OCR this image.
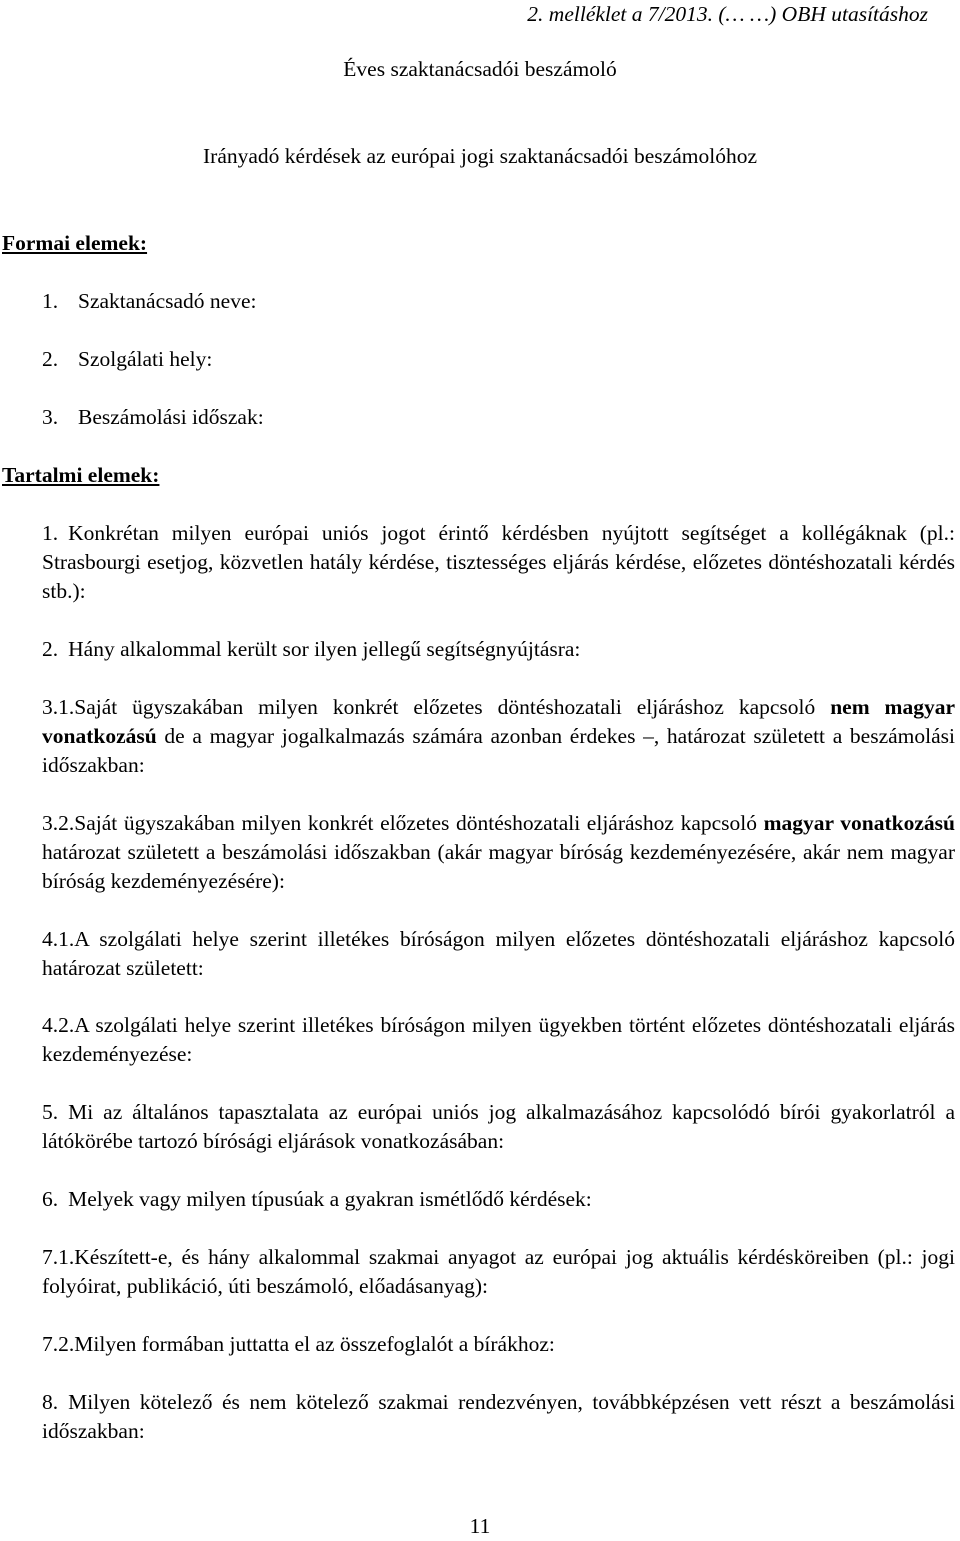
2. melléklet a 7/2013. (… …) OBH utasításhoz
Éves szaktanácsadói beszámoló
Irányadó kérdések az európai jogi szaktanácsadói beszámolóhoz
Formai elemek:
1. Szaktanácsadó neve:
2. Szolgálati hely:
3. Beszámolási időszak:
Tartalmi elemek:

1. Konkrétan milyen európai uniós jogot érintő kérdésben nyújtott segítséget a kollégáknak (pl.: Strasbourgi esetjog, közvetlen hatály kérdése, tisztességes eljárás kérdése, előzetes döntéshozatali kérdés stb.):

2. Hány alkalommal került sor ilyen jellegű segítségnyújtásra:

3.1.Saját ügyszakában milyen konkrét előzetes döntéshozatali eljáráshoz kapcsoló nem magyar vonatkozású de a magyar jogalkalmazás számára azonban érdekes –, határozat született a beszámolási időszakban:

3.2.Saját ügyszakában milyen konkrét előzetes döntéshozatali eljáráshoz kapcsoló magyar vonatkozású határozat született a beszámolási időszakban (akár magyar bíróság kezdeményezésére, akár nem magyar bíróság kezdeményezésére):

4.1.A szolgálati helye szerint illetékes bíróságon milyen előzetes döntéshozatali eljáráshoz kapcsoló határozat született:

4.2.A szolgálati helye szerint illetékes bíróságon milyen ügyekben történt előzetes döntéshozatali eljárás kezdeményezése:

5. Mi az általános tapasztalata az európai uniós jog alkalmazásához kapcsolódó bírói gyakorlatról a látókörébe tartozó bírósági eljárások vonatkozásában:

6. Melyek vagy milyen típusúak a gyakran ismétlődő kérdések:

7.1.Készített-e, és hány alkalommal szakmai anyagot az európai jog aktuális kérdésköreiben (pl.: jogi folyóirat, publikáció, úti beszámoló, előadásanyag):

7.2.Milyen formában juttatta el az összefoglalót a bírákhoz:

8. Milyen kötelező és nem kötelező szakmai rendezvényen, továbbképzésen vett részt a beszámolási időszakban:

11
